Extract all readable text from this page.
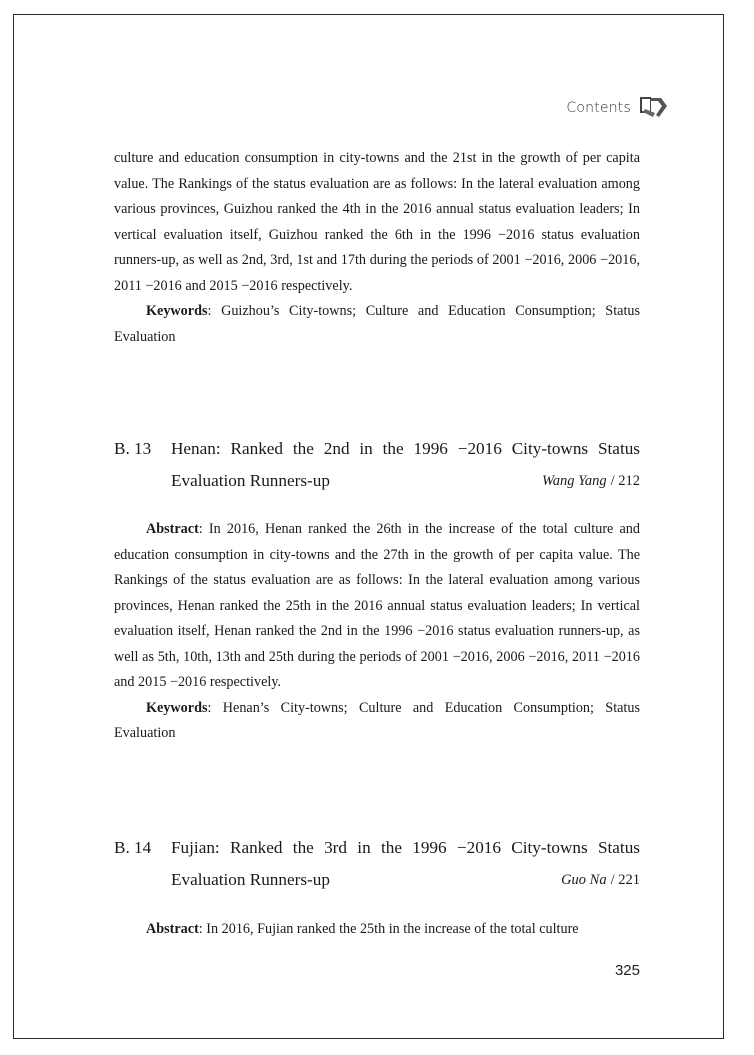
Contents

culture and education consumption in city-towns and the 21st in the growth of per capita value. The Rankings of the status evaluation are as follows: In the lateral evaluation among various provinces, Guizhou ranked the 4th in the 2016 annual status evaluation leaders; In vertical evaluation itself, Guizhou ranked the 6th in the 1996 −2016 status evaluation runners-up, as well as 2nd, 3rd, 1st and 17th during the periods of 2001 −2016, 2006 −2016, 2011 −2016 and 2015 −2016 respectively.

Keywords: Guizhou’s City-towns; Culture and Education Consumption; Status Evaluation

B. 13	Henan: Ranked the 2nd in the 1996 −2016 City-towns Status
Evaluation Runners-up	Wang Yang / 212

Abstract: In 2016, Henan ranked the 26th in the increase of the total culture and education consumption in city-towns and the 27th in the growth of per capita value. The Rankings of the status evaluation are as follows: In the lateral evaluation among various provinces, Henan ranked the 25th in the 2016 annual status evaluation leaders; In vertical evaluation itself, Henan ranked the 2nd in the 1996 −2016 status evaluation runners-up, as well as 5th, 10th, 13th and 25th during the periods of 2001 −2016, 2006 −2016, 2011 −2016 and 2015 −2016 respectively.

Keywords: Henan’s City-towns; Culture and Education Consumption; Status Evaluation

B. 14	Fujian: Ranked the 3rd in the 1996 −2016 City-towns Status
Evaluation Runners-up	Guo Na / 221

Abstract: In 2016, Fujian ranked the 25th in the increase of the total culture

325
